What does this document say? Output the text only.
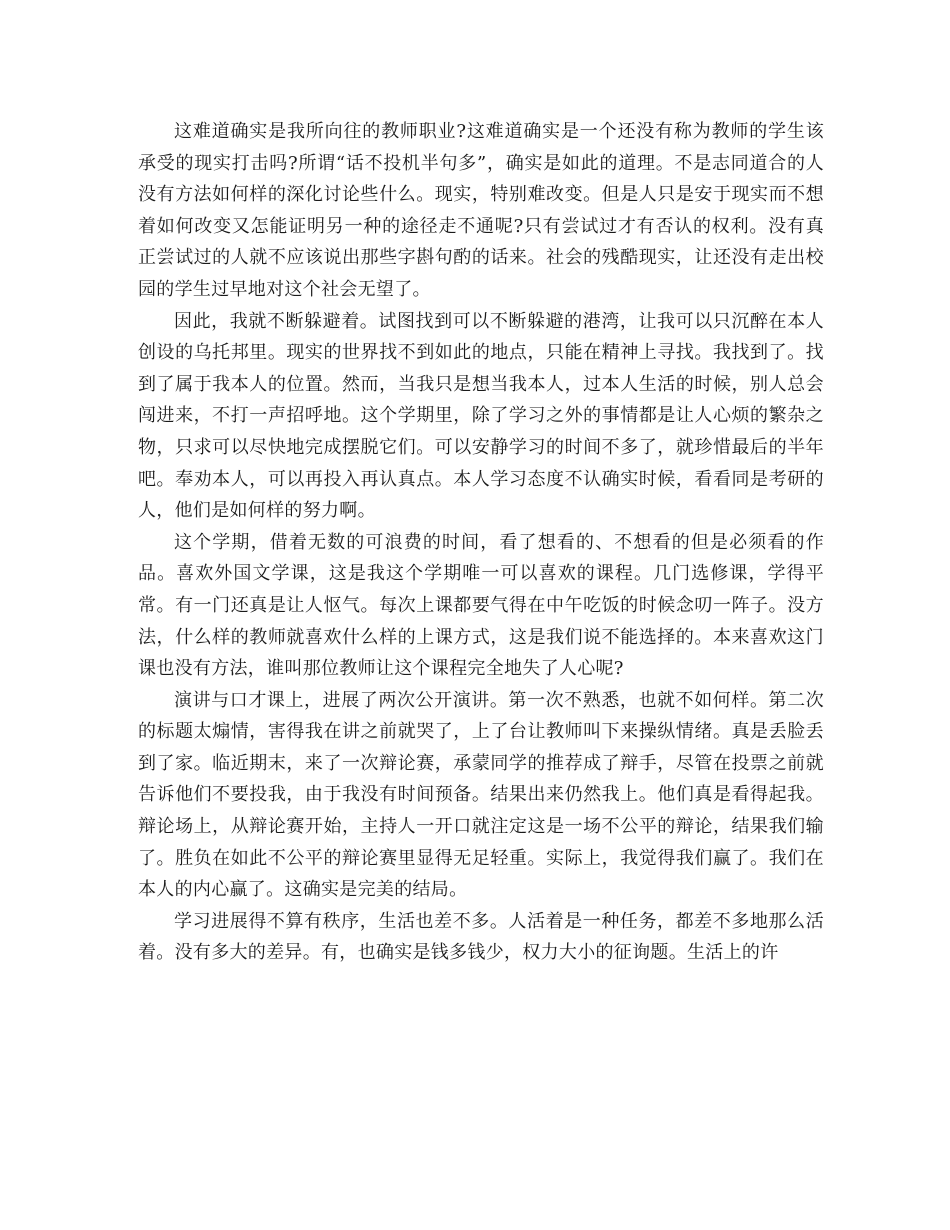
这难道确实是我所向往的教师职业?这难道确实是一个还没有称为教师的学生该承受的现实打击吗?所谓“话不投机半句多”，确实是如此的道理。不是志同道合的人没有方法如何样的深化讨论些什么。现实，特别难改变。但是人只是安于现实而不想着如何改变又怎能证明另一种的途径走不通呢?只有尝试过才有否认的权利。没有真正尝试过的人就不应该说出那些字斟句酌的话来。社会的残酷现实，让还没有走出校园的学生过早地对这个社会无望了。

因此，我就不断躲避着。试图找到可以不断躲避的港湾，让我可以只沉醉在本人创设的乌托邦里。现实的世界找不到如此的地点，只能在精神上寻找。我找到了。找到了属于我本人的位置。然而，当我只是想当我本人，过本人生活的时候，别人总会闯进来，不打一声招呼地。这个学期里，除了学习之外的事情都是让人心烦的繁杂之物，只求可以尽快地完成摆脱它们。可以安静学习的时间不多了，就珍惜最后的半年吧。奉劝本人，可以再投入再认真点。本人学习态度不认确实时候，看看同是考研的人，他们是如何样的努力啊。

这个学期，借着无数的可浪费的时间，看了想看的、不想看的但是必须看的作品。喜欢外国文学课，这是我这个学期唯一可以喜欢的课程。几门选修课，学得平常。有一门还真是让人怄气。每次上课都要气得在中午吃饭的时候念叨一阵子。没方法，什么样的教师就喜欢什么样的上课方式，这是我们说不能选择的。本来喜欢这门课也没有方法，谁叫那位教师让这个课程完全地失了人心呢?

演讲与口才课上，进展了两次公开演讲。第一次不熟悉，也就不如何样。第二次的标题太煽情，害得我在讲之前就哭了，上了台让教师叫下来操纵情绪。真是丢脸丢到了家。临近期末，来了一次辩论赛，承蒙同学的推荐成了辩手，尽管在投票之前就告诉他们不要投我，由于我没有时间预备。结果出来仍然我上。他们真是看得起我。辩论场上，从辩论赛开始，主持人一开口就注定这是一场不公平的辩论，结果我们输了。胜负在如此不公平的辩论赛里显得无足轻重。实际上，我觉得我们赢了。我们在本人的内心赢了。这确实是完美的结局。

学习进展得不算有秩序，生活也差不多。人活着是一种任务，都差不多地那么活着。没有多大的差异。有，也确实是钱多钱少，权力大小的征询题。生活上的许
